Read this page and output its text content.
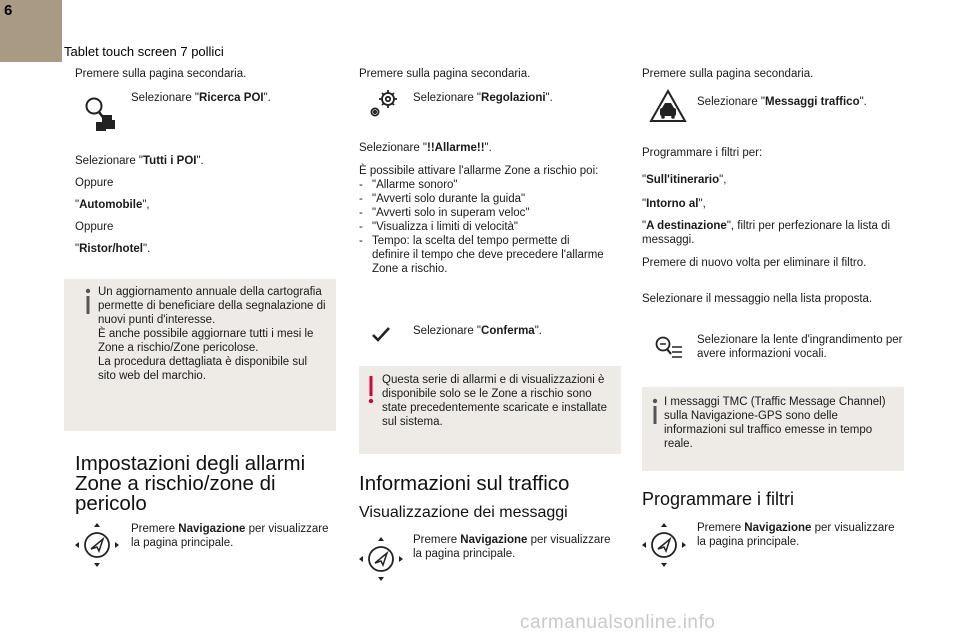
6
Tablet touch screen 7 pollici
Premere sulla pagina secondaria.
Selezionare "Ricerca POI".
Selezionare "Tutti i POI".
Oppure
"Automobile",
Oppure
"Ristor/hotel".
Un aggiornamento annuale della cartografia permette di beneficiare della segnalazione di nuovi punti d'interesse.
È anche possibile aggiornare tutti i mesi le Zone a rischio/Zone pericolose.
La procedura dettagliata è disponibile sul sito web del marchio.
Impostazioni degli allarmi Zone a rischio/zone di pericolo
Premere Navigazione per visualizzare la pagina principale.
Premere sulla pagina secondaria.
Selezionare "Regolazioni".
Selezionare "!!Allarme!!".
È possibile attivare l'allarme Zone a rischio poi:
- "Allarme sonoro"
- "Avverti solo durante la guida"
- "Avverti solo in superam veloc"
- "Visualizza i limiti di velocità"
- Tempo: la scelta del tempo permette di definire il tempo che deve precedere l'allarme Zone a rischio.
Selezionare "Conferma".
Questa serie di allarmi e di visualizzazioni è disponibile solo se le Zone a rischio sono state precedentemente scaricate e installate sul sistema.
Informazioni sul traffico
Visualizzazione dei messaggi
Premere Navigazione per visualizzare la pagina principale.
Premere sulla pagina secondaria.
Selezionare "Messaggi traffico".
Programmare i filtri per:
"Sull'itinerario",
"Intorno al",
"A destinazione", filtri per perfezionare la lista di messaggi.
Premere di nuovo volta per eliminare il filtro.
Selezionare il messaggio nella lista proposta.
Selezionare la lente d'ingrandimento per avere informazioni vocali.
I messaggi TMC (Traffic Message Channel) sulla Navigazione-GPS sono delle informazioni sul traffico emesse in tempo reale.
Programmare i filtri
Premere Navigazione per visualizzare la pagina principale.
carmanualsonline.info
